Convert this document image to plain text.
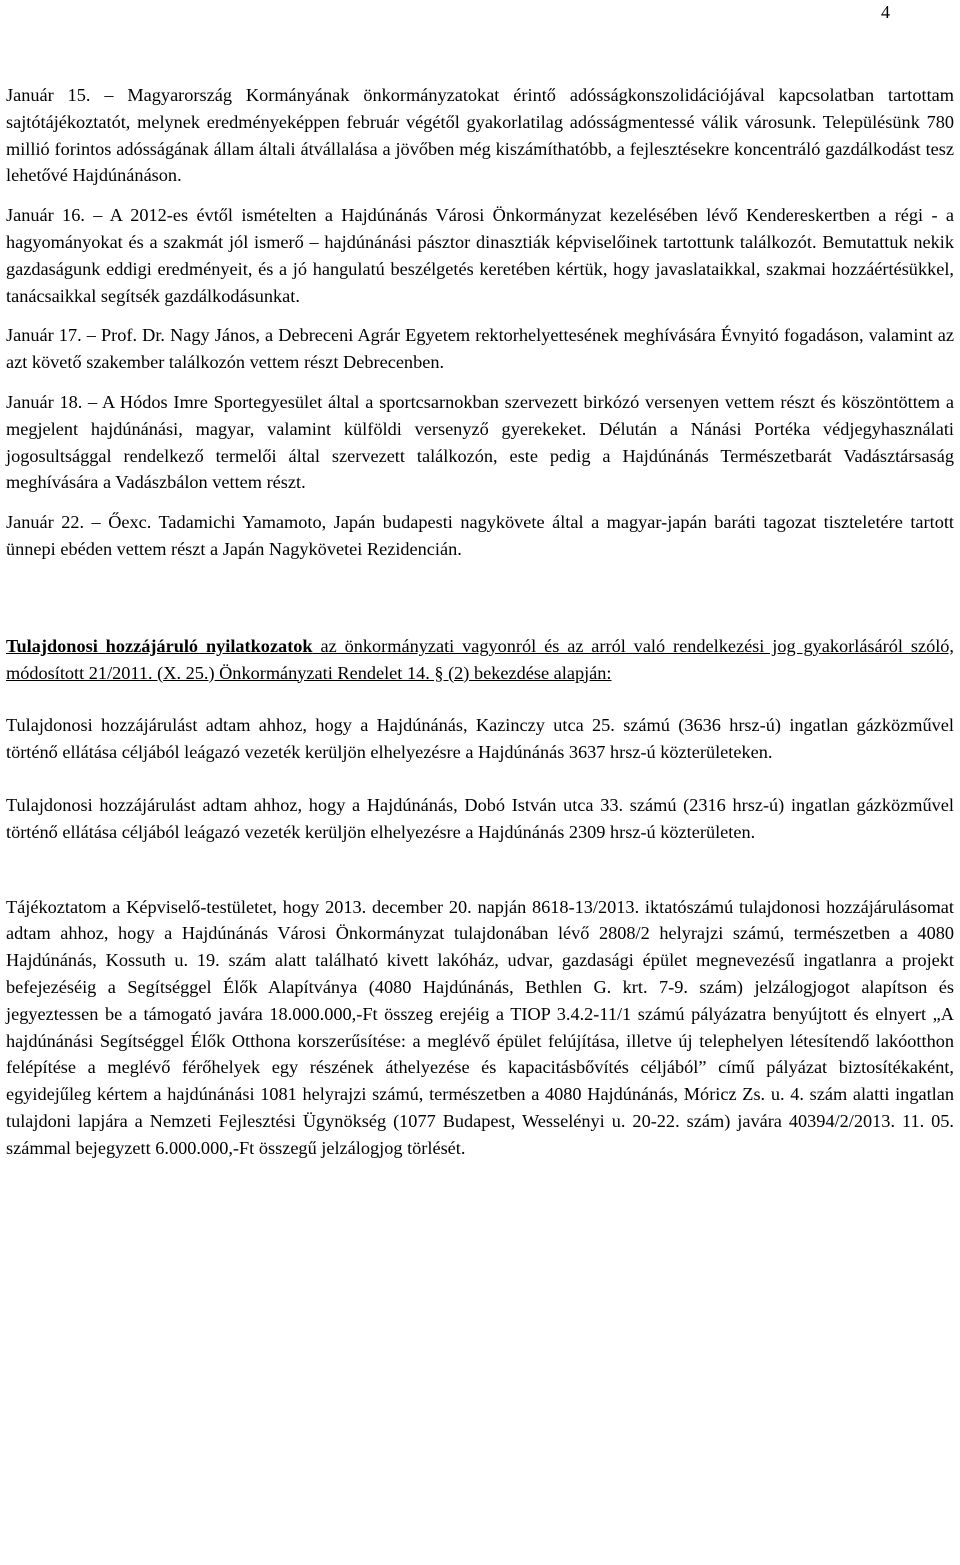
4

Január 15. – Magyarország Kormányának önkormányzatokat érintő adósságkonszolidációjával kapcsolatban tartottam sajtótájékoztatót, melynek eredményeképpen február végétől gyakorlatilag adósságmentessé válik városunk. Településünk 780 millió forintos adósságának állam általi átvállalása a jövőben még kiszámíthatóbb, a fejlesztésekre koncentráló gazdálkodást tesz lehetővé Hajdúnánáson.

Január 16. – A 2012-es évtől ismételten a Hajdúnánás Városi Önkormányzat kezelésében lévő Kendereskertben a régi - a hagyományokat és a szakmát jól ismerő – hajdúnánási pásztor dinasztiák képviselőinek tartottunk találkozót. Bemutattuk nekik gazdaságunk eddigi eredményeit, és a jó hangulatú beszélgetés keretében kértük, hogy javaslataikkal, szakmai hozzáértésükkel, tanácsaikkal segítsék gazdálkodásunkat.

Január 17. – Prof. Dr. Nagy János, a Debreceni Agrár Egyetem rektorhelyettesének meghívására Évnyitó fogadáson, valamint az azt követő szakember találkozón vettem részt Debrecenben.

Január 18. – A Hódos Imre Sportegyesület által a sportcsarnokban szervezett birkózó versenyen vettem részt és köszöntöttem a megjelent hajdúnánási, magyar, valamint külföldi versenyző gyerekeket. Délután a Nánási Portéka védjegyhasználati jogosultsággal rendelkező termelői által szervezett találkozón, este pedig a Hajdúnánás Természetbarát Vadásztársaság meghívására a Vadászbálon vettem részt.

Január 22. – Őexc. Tadamichi Yamamoto, Japán budapesti nagykövete által a magyar-japán baráti tagozat tiszteletére tartott ünnepi ebéden vettem részt a Japán Nagykövetei Rezidencián.

Tulajdonosi hozzájáruló nyilatkozatok az önkormányzati vagyonról és az arról való rendelkezési jog gyakorlásáról szóló, módosított 21/2011. (X. 25.) Önkormányzati Rendelet 14. § (2) bekezdése alapján:

Tulajdonosi hozzájárulást adtam ahhoz, hogy a Hajdúnánás, Kazinczy utca 25. számú (3636 hrsz-ú) ingatlan gázközművel történő ellátása céljából leágazó vezeték kerüljön elhelyezésre a Hajdúnánás 3637 hrsz-ú közterületeken.

Tulajdonosi hozzájárulást adtam ahhoz, hogy a Hajdúnánás, Dobó István utca 33. számú (2316 hrsz-ú) ingatlan gázközművel történő ellátása céljából leágazó vezeték kerüljön elhelyezésre a Hajdúnánás 2309 hrsz-ú közterületen.

Tájékoztatom a Képviselő-testületet, hogy 2013. december 20. napján 8618-13/2013. iktatószámú tulajdonosi hozzájárulásomat adtam ahhoz, hogy a Hajdúnánás Városi Önkormányzat tulajdonában lévő 2808/2 helyrajzi számú, természetben a 4080 Hajdúnánás, Kossuth u. 19. szám alatt található kivett lakóház, udvar, gazdasági épület megnevezésű ingatlanra a projekt befejezéséig a Segítséggel Élők Alapítványa (4080 Hajdúnánás, Bethlen G. krt. 7-9. szám) jelzálogjogot alapítson és jegyeztessen be a támogató javára 18.000.000,-Ft összeg erejéig a TIOP 3.4.2-11/1 számú pályázatra benyújtott és elnyert „A hajdúnánási Segítséggel Élők Otthona korszerűsítése: a meglévő épület felújítása, illetve új telephelyen létesítendő lakóotthon felépítése a meglévő férőhelyek egy részének áthelyezése és kapacitásbővítés céljából” című pályázat biztosítékaként, egyidejűleg kértem a hajdúnánási 1081 helyrajzi számú, természetben a 4080 Hajdúnánás, Móricz Zs. u. 4. szám alatti ingatlan tulajdoni lapjára a Nemzeti Fejlesztési Ügynökség (1077 Budapest, Wesselényi u. 20-22. szám) javára 40394/2/2013. 11. 05. számmal bejegyzett 6.000.000,-Ft összegű jelzálogjog törlését.
